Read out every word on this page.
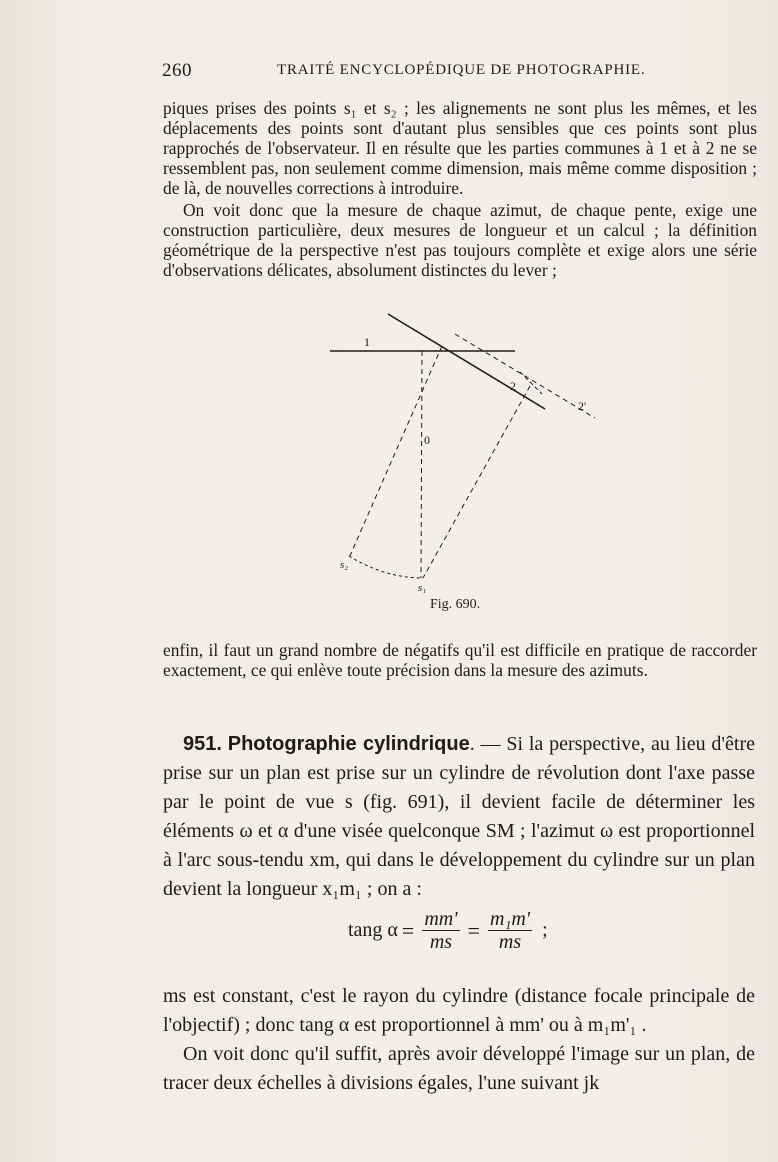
260	TRAITÉ ENCYCLOPÉDIQUE DE PHOTOGRAPHIE.

piques prises des points s₁ et s₂ ; les alignements ne sont plus les mêmes, et les déplacements des points sont d'autant plus sensibles que ces points sont plus rapprochés de l'observateur. Il en résulte que les parties communes à 1 et à 2 ne se ressemblent pas, non seulement comme dimension, mais même comme disposition ; de là, de nouvelles corrections à introduire.

On voit donc que la mesure de chaque azimut, de chaque pente, exige une construction particulière, deux mesures de longueur et un calcul ; la définition géométrique de la perspective n'est pas toujours complète et exige alors une série d'observations délicates, absolument distinctes du lever ;

1
2
2'
0
s₁
s₂
Fig. 690.

enfin, il faut un grand nombre de négatifs qu'il est difficile en pratique de raccorder exactement, ce qui enlève toute précision dans la mesure des azimuts.

951. Photographie cylindrique. — Si la perspective, au lieu d'être prise sur un plan est prise sur un cylindre de révolution dont l'axe passe par le point de vue s (fig. 691), il devient facile de déterminer les éléments ω et α d'une visée quelconque SM ; l'azimut ω est proportionnel à l'arc sous-tendu xm, qui dans le développement du cylindre sur un plan devient la longueur x₁m₁ ; on a :

tang $\alpha = \frac{mm'}{ms} = \frac{\text{m₁m'}}{ms}$ ;

ms est constant, c'est le rayon du cylindre (distance focale principale de l'objectif) ; donc tang α est proportionnel à mm' ou à m₁m'₁ .

On voit donc qu'il suffit, après avoir développé l'image sur un plan, de tracer deux échelles à divisions égales, l'une suivant jk
